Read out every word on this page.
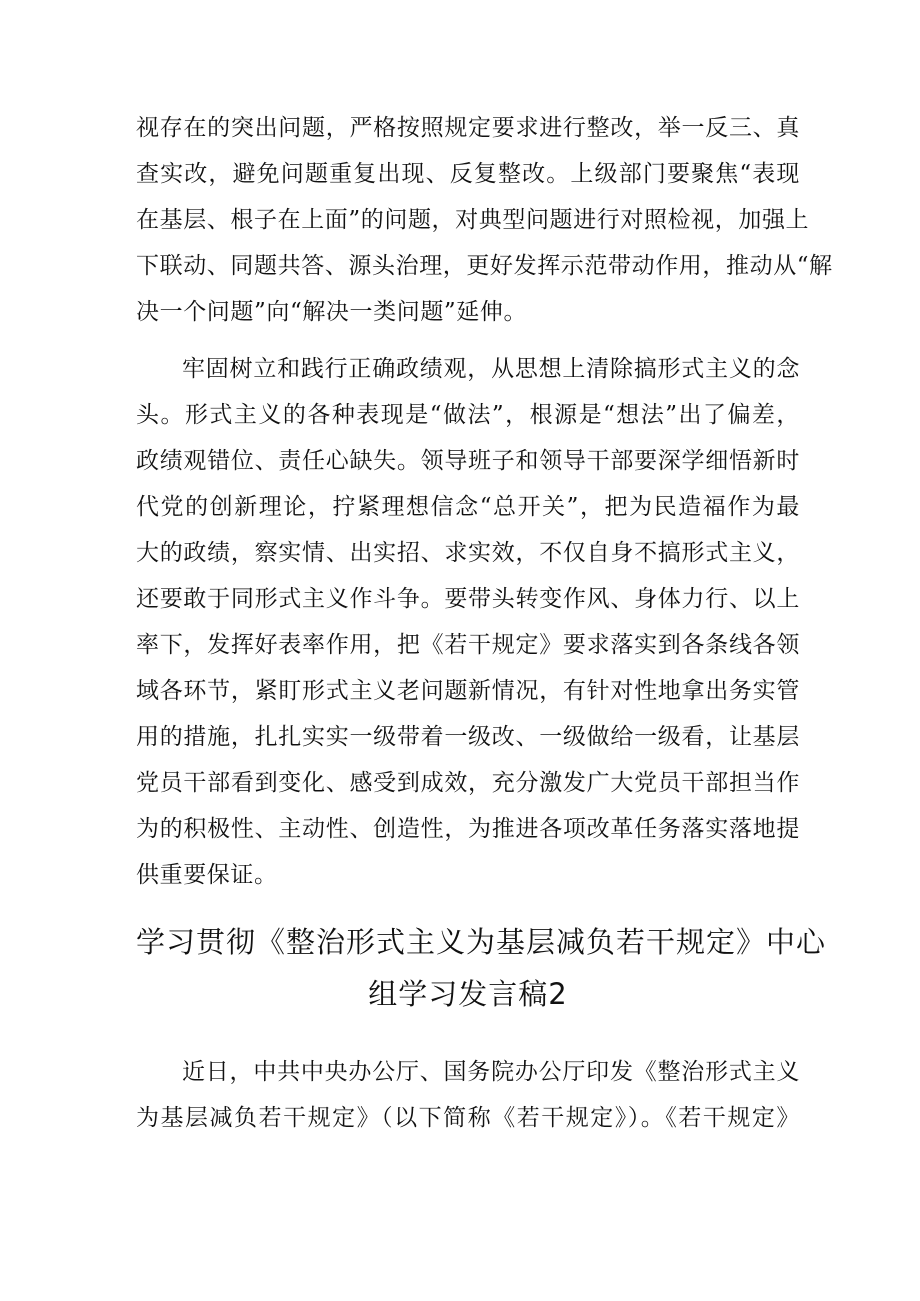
视存在的突出问题，严格按照规定要求进行整改，举一反三、真
查实改，避免问题重复出现、反复整改。上级部门要聚焦“表现
在基层、根子在上面”的问题，对典型问题进行对照检视，加强上
下联动、同题共答、源头治理，更好发挥示范带动作用，推动从“解
决一个问题”向“解决一类问题”延伸。
牢固树立和践行正确政绩观，从思想上清除搞形式主义的念
头。形式主义的各种表现是“做法”，根源是“想法”出了偏差，
政绩观错位、责任心缺失。领导班子和领导干部要深学细悟新时
代党的创新理论，拧紧理想信念“总开关”，把为民造福作为最
大的政绩，察实情、出实招、求实效，不仅自身不搞形式主义，
还要敢于同形式主义作斗争。要带头转变作风、身体力行、以上
率下，发挥好表率作用，把《若干规定》要求落实到各条线各领
域各环节，紧盯形式主义老问题新情况，有针对性地拿出务实管
用的措施，扎扎实实一级带着一级改、一级做给一级看，让基层
党员干部看到变化、感受到成效，充分激发广大党员干部担当作
为的积极性、主动性、创造性，为推进各项改革任务落实落地提
供重要保证。
学习贯彻《整治形式主义为基层减负若干规定》中心
组学习发言稿2
近日，中共中央办公厅、国务院办公厅印发《整治形式主义
为基层减负若干规定》（以下简称《若干规定》）。《若干规定》
